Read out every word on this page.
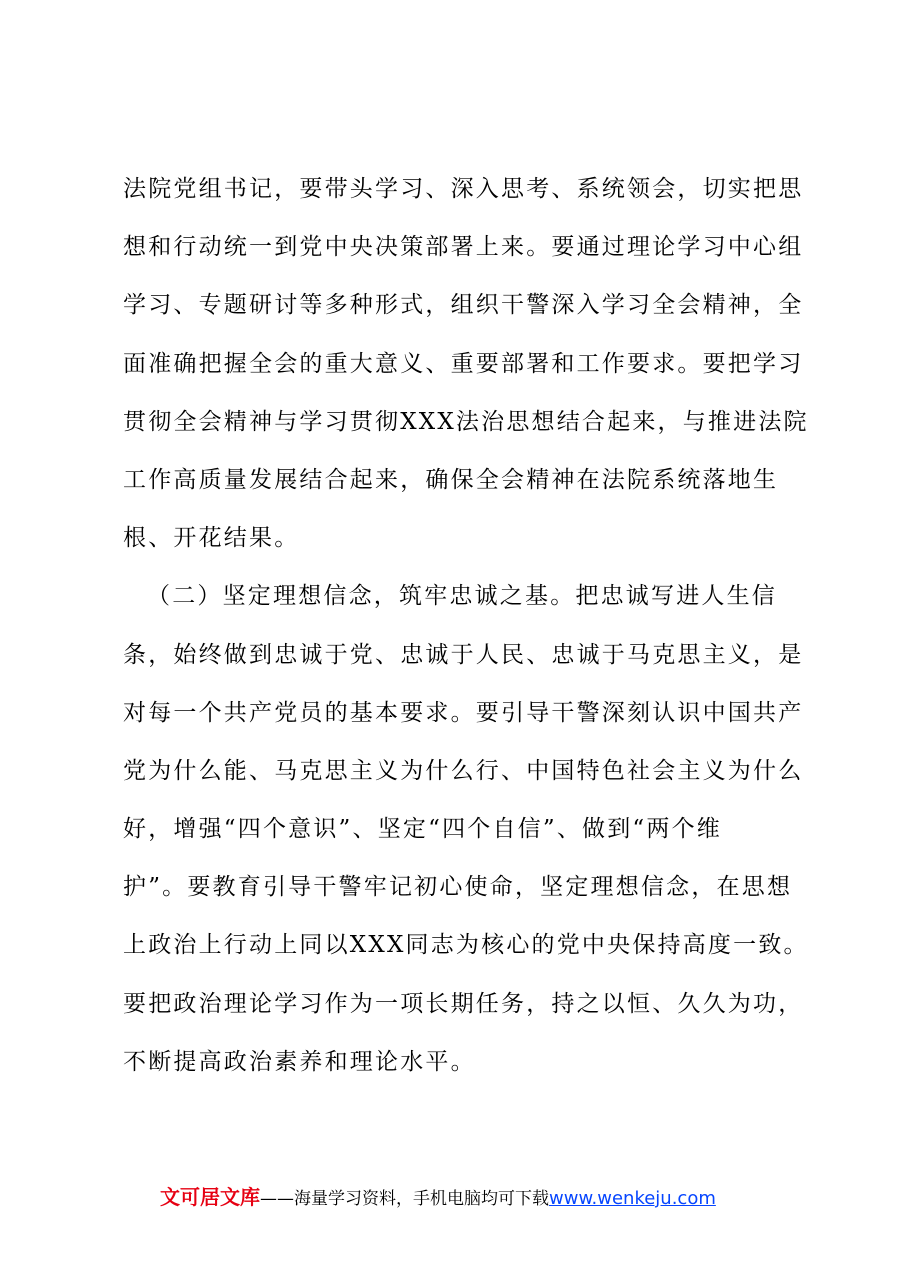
法院党组书记，要带头学习、深入思考、系统领会，切实把思
想和行动统一到党中央决策部署上来。要通过理论学习中心组
学习、专题研讨等多种形式，组织干警深入学习全会精神，全
面准确把握全会的重大意义、重要部署和工作要求。要把学习
贯彻全会精神与学习贯彻XXX法治思想结合起来，与推进法院
工作高质量发展结合起来，确保全会精神在法院系统落地生
根、开花结果。
（二）坚定理想信念，筑牢忠诚之基。把忠诚写进人生信
条，始终做到忠诚于党、忠诚于人民、忠诚于马克思主义，是
对每一个共产党员的基本要求。要引导干警深刻认识中国共产
党为什么能、马克思主义为什么行、中国特色社会主义为什么
好，增强“四个意识”、坚定“四个自信”、做到“两个维
护”。要教育引导干警牢记初心使命，坚定理想信念，在思想
上政治上行动上同以XXX同志为核心的党中央保持高度一致。
要把政治理论学习作为一项长期任务，持之以恒、久久为功，
不断提高政治素养和理论水平。
文可居文库——海量学习资料，手机电脑均可下载www.wenkeju.com
